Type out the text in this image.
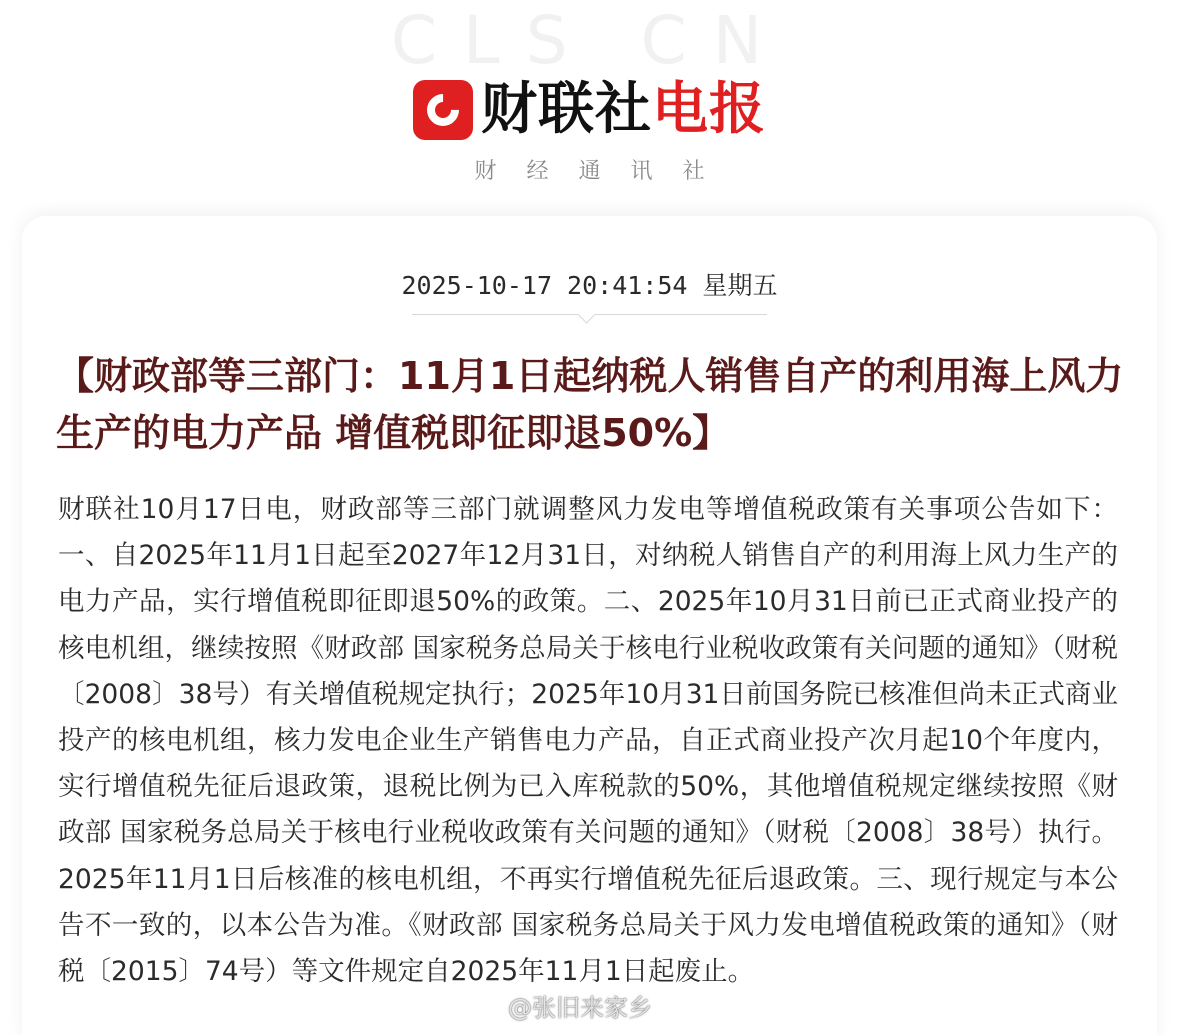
CLS CN
财联社 电报
财经通讯社
2025-10-17 20:41:54 星期五
【财政部等三部门：11月1日起纳税人销售自产的利用海上风力生产的电力产品 增值税即征即退50%】

财联社10月17日电，财政部等三部门就调整风力发电等增值税政策有关事项公告如下：一、自2025年11月1日起至2027年12月31日，对纳税人销售自产的利用海上风力生产的电力产品，实行增值税即征即退50%的政策。二、2025年10月31日前已正式商业投产的核电机组，继续按照《财政部 国家税务总局关于核电行业税收政策有关问题的通知》（财税〔2008〕38号）有关增值税规定执行；2025年10月31日前国务院已核准但尚未正式商业投产的核电机组，核力发电企业生产销售电力产品，自正式商业投产次月起10个年度内，实行增值税先征后退政策，退税比例为已入库税款的50%，其他增值税规定继续按照《财政部 国家税务总局关于核电行业税收政策有关问题的通知》（财税〔2008〕38号）执行。2025年11月1日后核准的核电机组，不再实行增值税先征后退政策。三、现行规定与本公告不一致的，以本公告为准。《财政部 国家税务总局关于风力发电增值税政策的通知》（财税〔2015〕74号）等文件规定自2025年11月1日起废止。

@张旧来家乡
